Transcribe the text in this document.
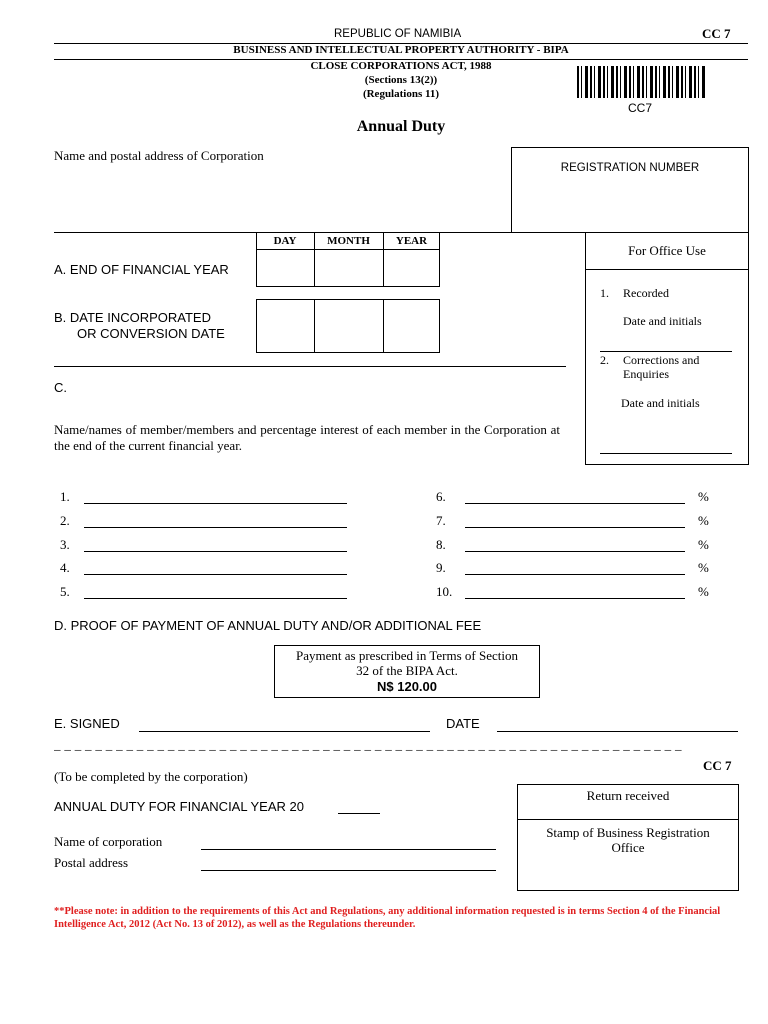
REPUBLIC OF NAMIBIA	CC 7
BUSINESS AND INTELLECTUAL PROPERTY AUTHORITY - BIPA
CLOSE CORPORATIONS ACT, 1988
(Sections 13(2))
(Regulations 11)
CC7
Annual Duty
Name and postal address of Corporation
REGISTRATION NUMBER
DAY	MONTH	YEAR
A. END OF FINANCIAL YEAR
B. DATE INCORPORATED
OR CONVERSION DATE
For Office Use
1. Recorded
Date and initials
2. Corrections and
Enquiries
Date and initials
C.
Name/names of member/members and percentage interest of each member in the Corporation at the end of the current financial year.
1.
2.
3.
4.
5.
6.	%
7.	%
8.	%
9.	%
10.	%
D. PROOF OF PAYMENT OF ANNUAL DUTY AND/OR ADDITIONAL FEE
Payment as prescribed in Terms of Section
32 of the BIPA Act.
N$ 120.00
E. SIGNED	DATE
_ _ _ _ _ _ _ _ _ _ _ _ _ _ _ _ _ _ _ _ _ _ _ _ _ _ _ _ _ _ _ _ _ _ _ _ _ _ _ _ _ _ _ _ _ _ _ _ _ _ _ _ _ _ _ _ _ _ _ _ _
CC 7
(To be completed by the corporation)
ANNUAL DUTY FOR FINANCIAL YEAR 20
Name of corporation
Postal address
Return received
Stamp of Business Registration
Office
**Please note: in addition to the requirements of this Act and Regulations, any additional information requested is in terms Section 4 of the Financial Intelligence Act, 2012 (Act No. 13 of 2012), as well as the Regulations thereunder.
